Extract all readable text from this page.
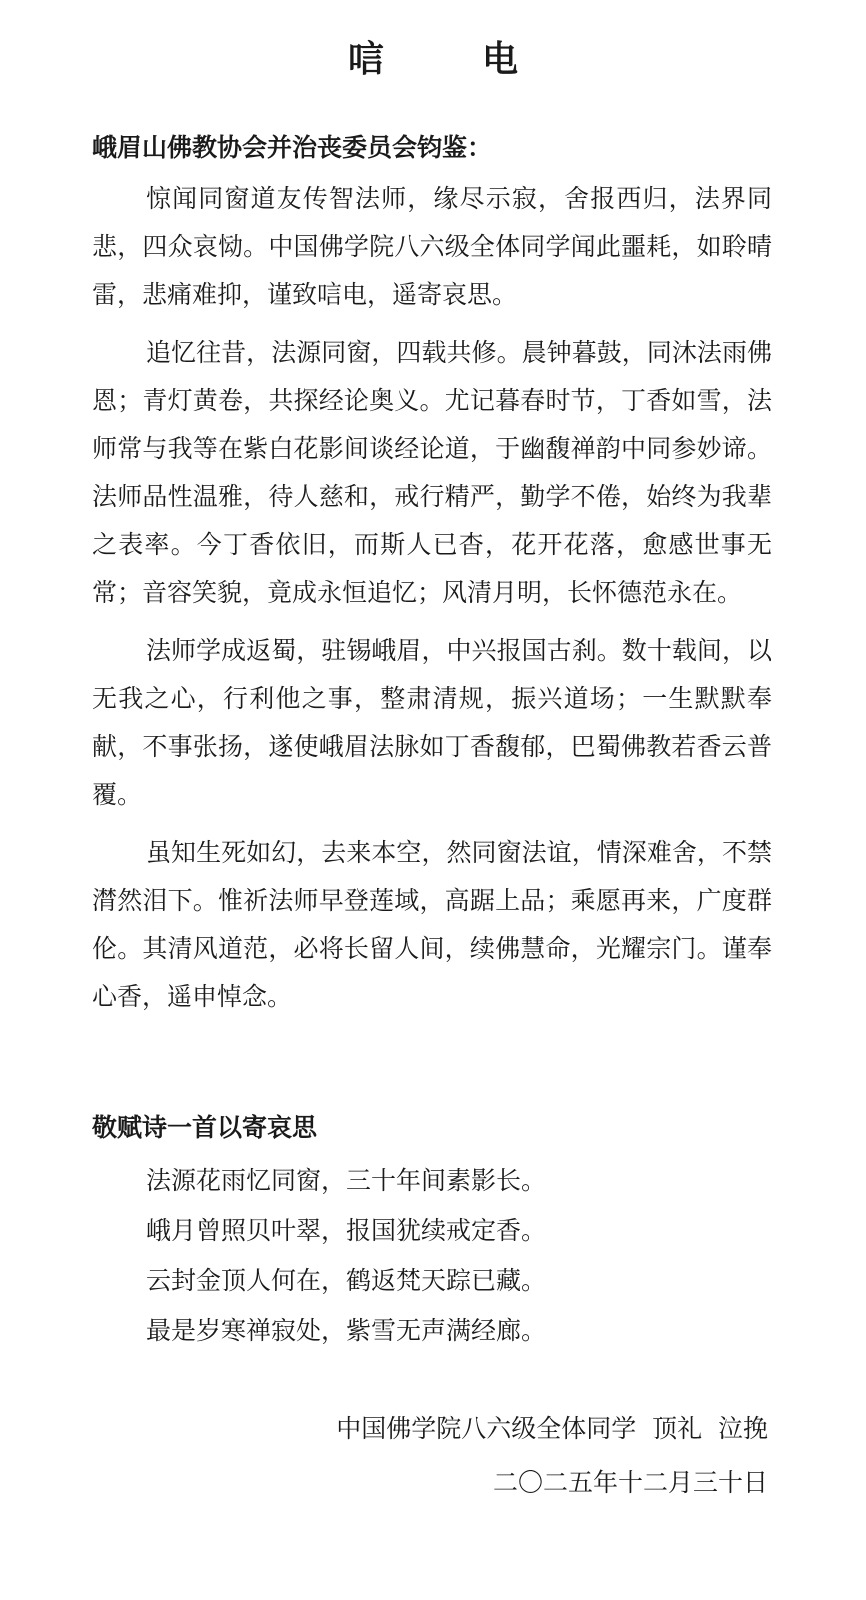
唁	电
峨眉山佛教协会并治丧委员会钧鉴：

惊闻同窗道友传智法师，缘尽示寂，舍报西归，法界同悲，四众哀恸。中国佛学院八六级全体同学闻此噩耗，如聆晴雷，悲痛难抑，谨致唁电，遥寄哀思。

追忆往昔，法源同窗，四载共修。晨钟暮鼓，同沐法雨佛恩；青灯黄卷，共探经论奥义。尤记暮春时节，丁香如雪，法师常与我等在紫白花影间谈经论道，于幽馥禅韵中同参妙谛。法师品性温雅，待人慈和，戒行精严，勤学不倦，始终为我辈之表率。今丁香依旧，而斯人已杳，花开花落，愈感世事无常；音容笑貌，竟成永恒追忆；风清月明，长怀德范永在。

法师学成返蜀，驻锡峨眉，中兴报国古刹。数十载间，以无我之心，行利他之事，整肃清规，振兴道场；一生默默奉献，不事张扬，遂使峨眉法脉如丁香馥郁，巴蜀佛教若香云普覆。

虽知生死如幻，去来本空，然同窗法谊，情深难舍，不禁潸然泪下。惟祈法师早登莲域，高踞上品；乘愿再来，广度群伦。其清风道范，必将长留人间，续佛慧命，光耀宗门。谨奉心香，遥申悼念。

敬赋诗一首以寄哀思
法源花雨忆同窗，三十年间素影长。
峨月曾照贝叶翠，报国犹续戒定香。
云封金顶人何在，鹤返梵天踪已藏。
最是岁寒禅寂处，紫雪无声满经廊。
中国佛学院八六级全体同学  顶礼  泣挽
二〇二五年十二月三十日
